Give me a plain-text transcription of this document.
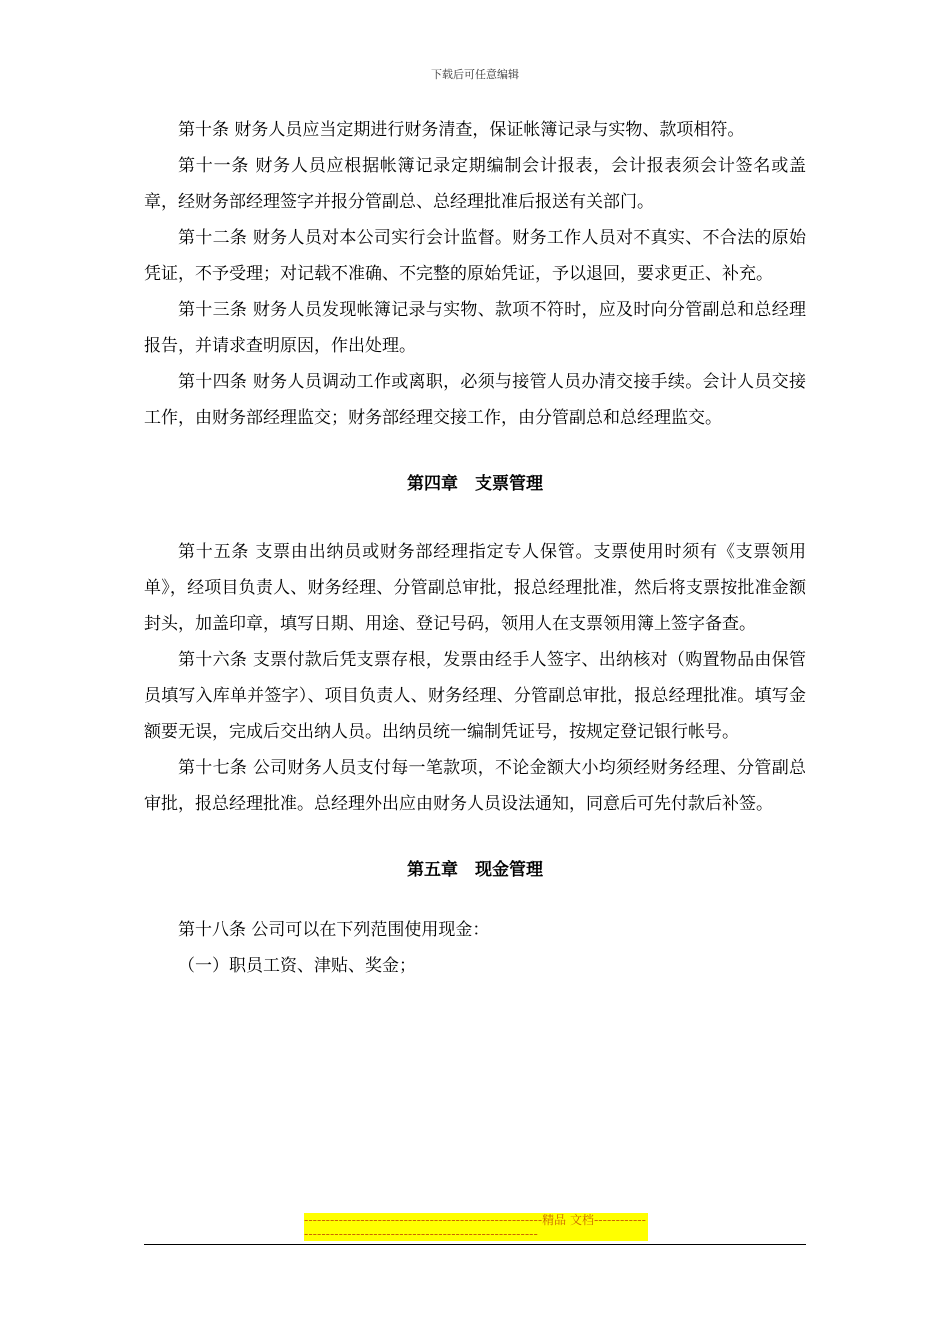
下载后可任意编辑

第十条 财务人员应当定期进行财务清查，保证帐簿记录与实物、款项相符。

第十一条 财务人员应根据帐簿记录定期编制会计报表，会计报表须会计签名或盖章，经财务部经理签字并报分管副总、总经理批准后报送有关部门。

第十二条 财务人员对本公司实行会计监督。财务工作人员对不真实、不合法的原始凭证，不予受理；对记载不准确、不完整的原始凭证，予以退回，要求更正、补充。

第十三条 财务人员发现帐簿记录与实物、款项不符时，应及时向分管副总和总经理报告，并请求查明原因，作出处理。

第十四条 财务人员调动工作或离职，必须与接管人员办清交接手续。会计人员交接工作，由财务部经理监交；财务部经理交接工作，由分管副总和总经理监交。

第四章　支票管理

第十五条 支票由出纳员或财务部经理指定专人保管。支票使用时须有《支票领用单》，经项目负责人、财务经理、分管副总审批，报总经理批准，然后将支票按批准金额封头，加盖印章，填写日期、用途、登记号码，领用人在支票领用簿上签字备查。

第十六条 支票付款后凭支票存根，发票由经手人签字、出纳核对（购置物品由保管员填写入库单并签字）、项目负责人、财务经理、分管副总审批，报总经理批准。填写金额要无误，完成后交出纳人员。出纳员统一编制凭证号，按规定登记银行帐号。

第十七条 公司财务人员支付每一笔款项，不论金额大小均须经财务经理、分管副总审批，报总经理批准。总经理外出应由财务人员设法通知，同意后可先付款后补签。

第五章　现金管理

第十八条 公司可以在下列范围使用现金：

（一）职员工资、津贴、奖金；

-------------------------------------------------------精品 文档------------------------------------------------------------------
